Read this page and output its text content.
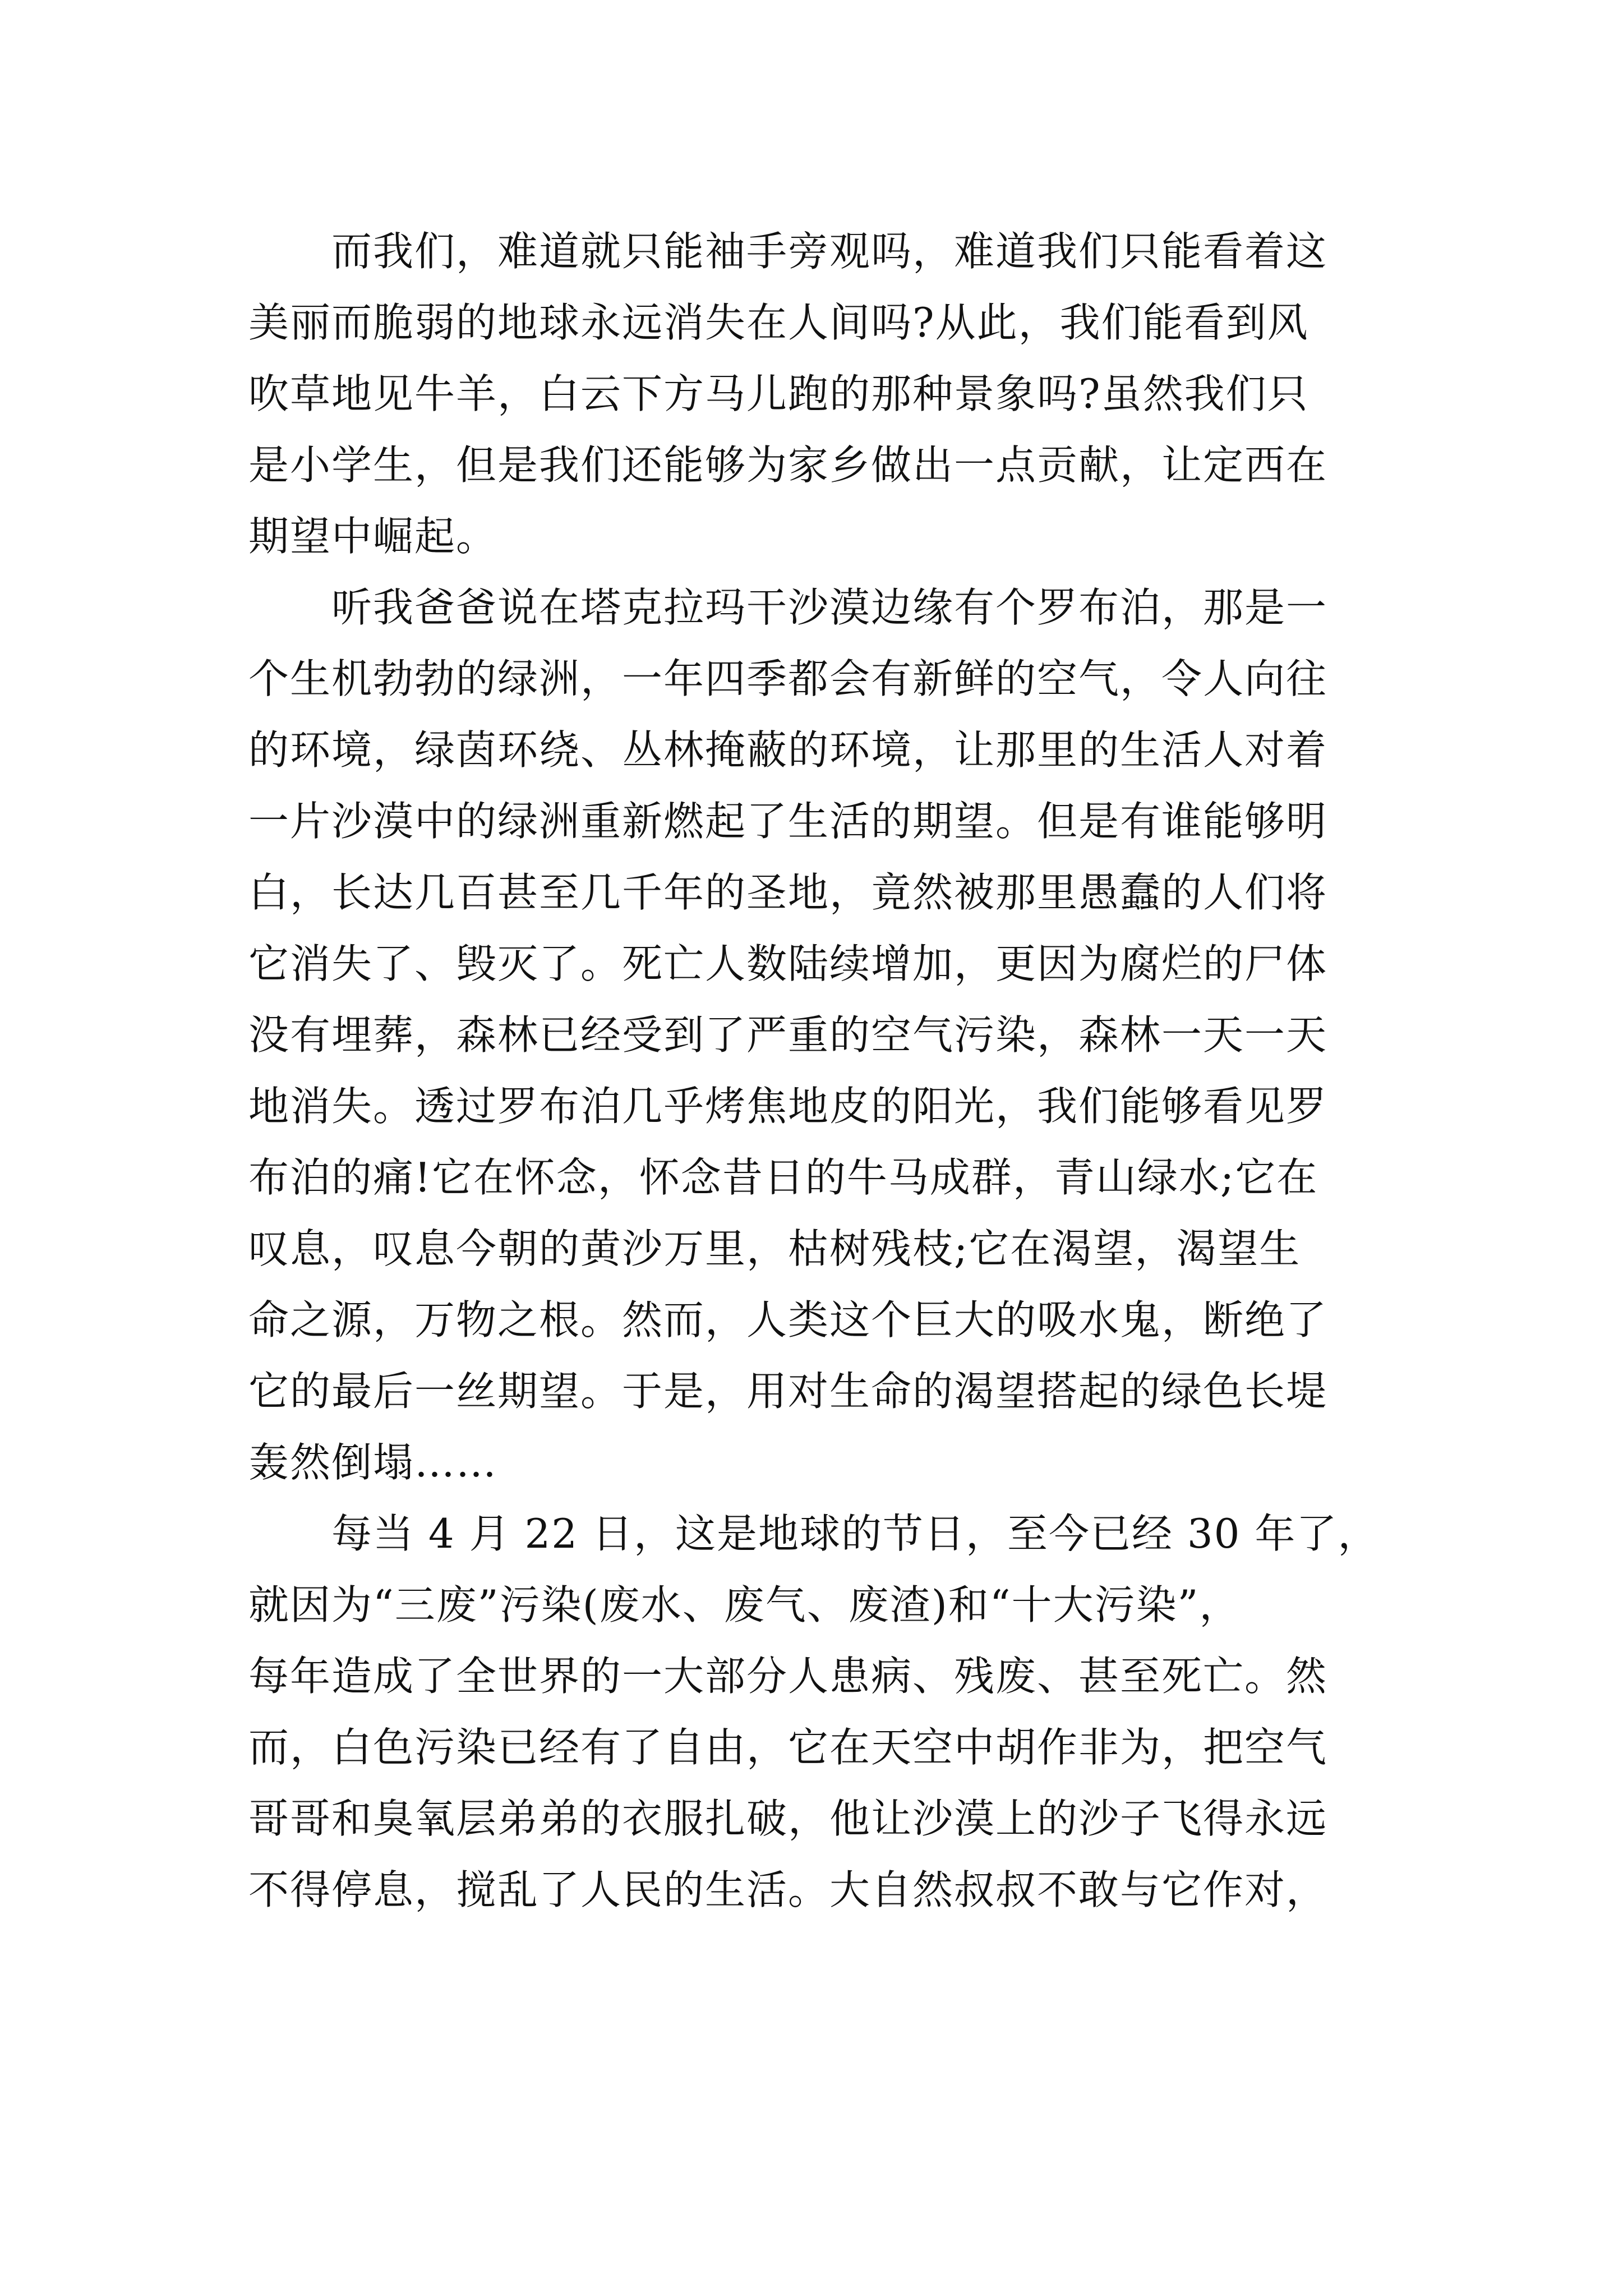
而我们，难道就只能袖手旁观吗，难道我们只能看着这
美丽而脆弱的地球永远消失在人间吗?从此，我们能看到风
吹草地见牛羊，白云下方马儿跑的那种景象吗?虽然我们只
是小学生，但是我们还能够为家乡做出一点贡献，让定西在
期望中崛起。
听我爸爸说在塔克拉玛干沙漠边缘有个罗布泊，那是一
个生机勃勃的绿洲，一年四季都会有新鲜的空气，令人向往
的环境，绿茵环绕、丛林掩蔽的环境，让那里的生活人对着
一片沙漠中的绿洲重新燃起了生活的期望。但是有谁能够明
白，长达几百甚至几千年的圣地，竟然被那里愚蠢的人们将
它消失了、毁灭了。死亡人数陆续增加，更因为腐烂的尸体
没有埋葬，森林已经受到了严重的空气污染，森林一天一天
地消失。透过罗布泊几乎烤焦地皮的阳光，我们能够看见罗
布泊的痛!它在怀念，怀念昔日的牛马成群，青山绿水;它在
叹息，叹息今朝的黄沙万里，枯树残枝;它在渴望，渴望生
命之源，万物之根。然而，人类这个巨大的吸水鬼，断绝了
它的最后一丝期望。于是，用对生命的渴望搭起的绿色长堤
轰然倒塌……
每当 4 月 22 日，这是地球的节日，至今已经 30 年了，
就因为“三废”污染(废水、废气、废渣)和“十大污染”，
每年造成了全世界的一大部分人患病、残废、甚至死亡。然
而，白色污染已经有了自由，它在天空中胡作非为，把空气
哥哥和臭氧层弟弟的衣服扎破，他让沙漠上的沙子飞得永远
不得停息，搅乱了人民的生活。大自然叔叔不敢与它作对，
